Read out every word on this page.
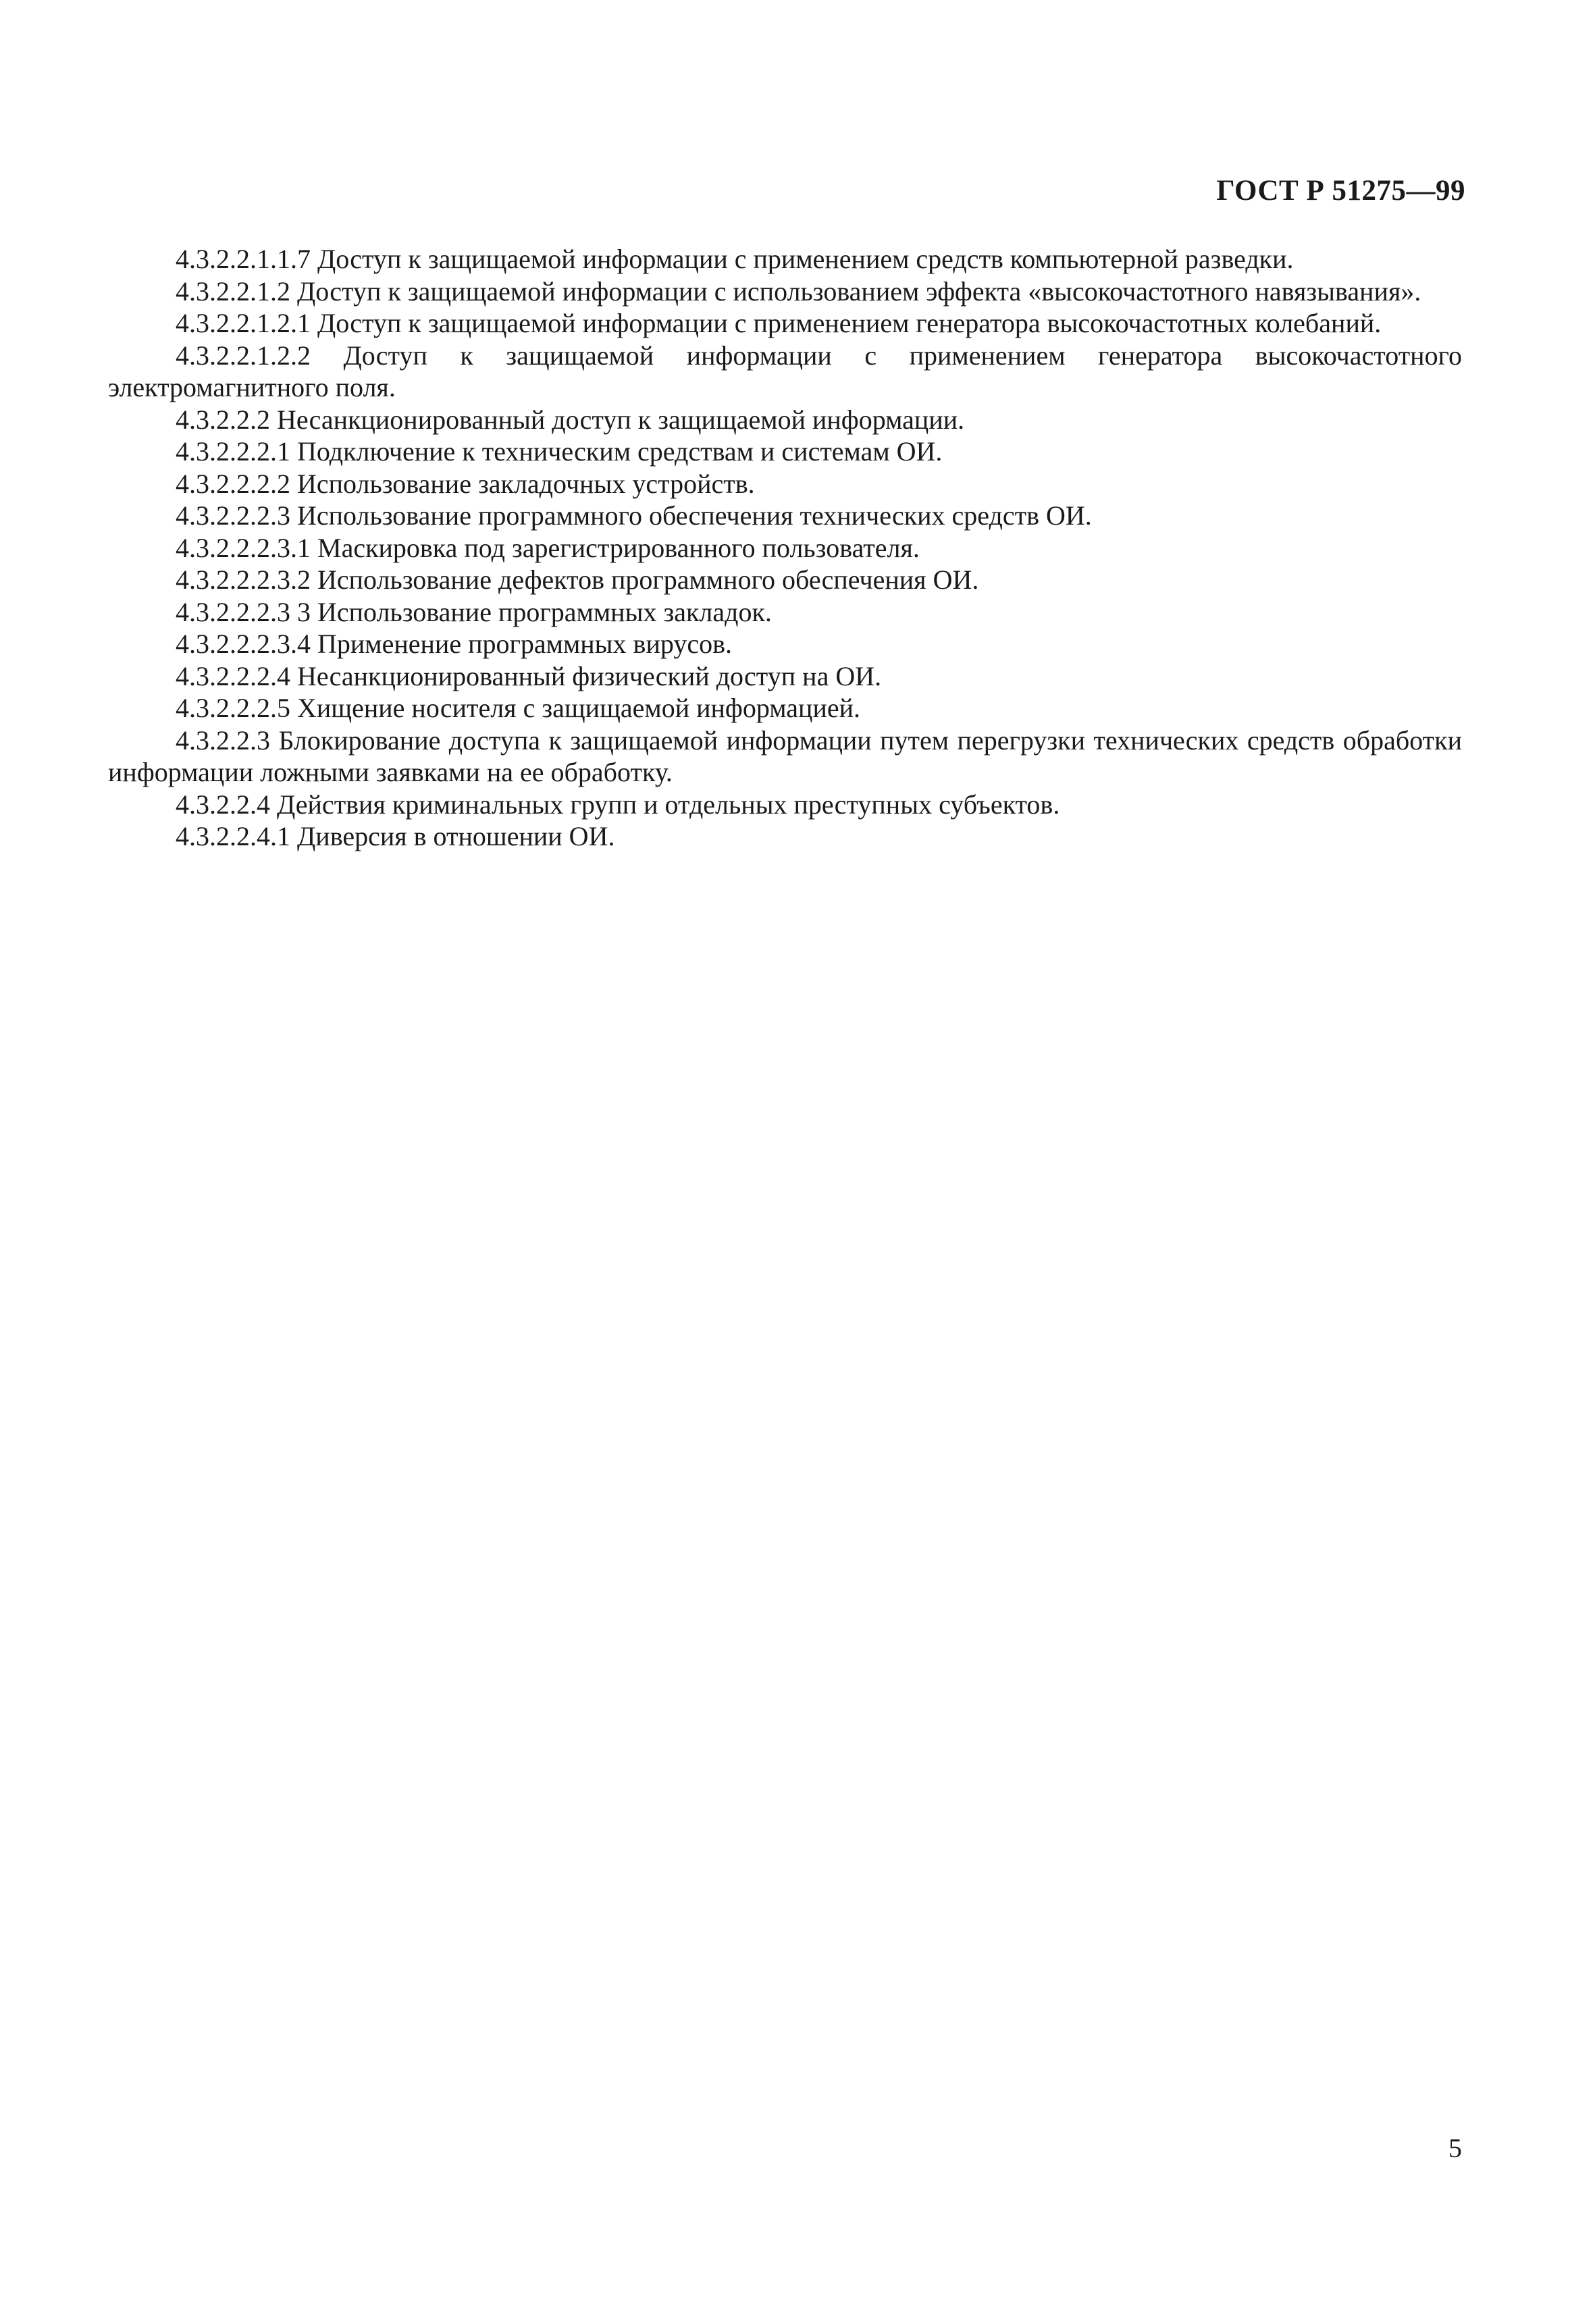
ГОСТ Р 51275—99

4.3.2.2.1.1.7 Доступ к защищаемой информации с применением средств компьютерной разведки.

4.3.2.2.1.2 Доступ к защищаемой информации с использованием эффекта «высокочастотного навязывания».

4.3.2.2.1.2.1 Доступ к защищаемой информации с применением генератора высокочастотных колебаний.

4.3.2.2.1.2.2 Доступ к защищаемой информации с применением генератора высокочастотного электромагнитного поля.

4.3.2.2.2 Несанкционированный доступ к защищаемой информации.

4.3.2.2.2.1 Подключение к техническим средствам и системам ОИ.

4.3.2.2.2.2 Использование закладочных устройств.

4.3.2.2.2.3 Использование программного обеспечения технических средств ОИ.

4.3.2.2.2.3.1 Маскировка под зарегистрированного пользователя.

4.3.2.2.2.3.2 Использование дефектов программного обеспечения ОИ.

4.3.2.2.2.3 3 Использование программных закладок.

4.3.2.2.2.3.4 Применение программных вирусов.

4.3.2.2.2.4 Несанкционированный физический доступ на ОИ.

4.3.2.2.2.5 Хищение носителя с защищаемой информацией.

4.3.2.2.3 Блокирование доступа к защищаемой информации путем перегрузки технических средств обработки информации ложными заявками на ее обработку.

4.3.2.2.4 Действия криминальных групп и отдельных преступных субъектов.

4.3.2.2.4.1 Диверсия в отношении ОИ.

5
